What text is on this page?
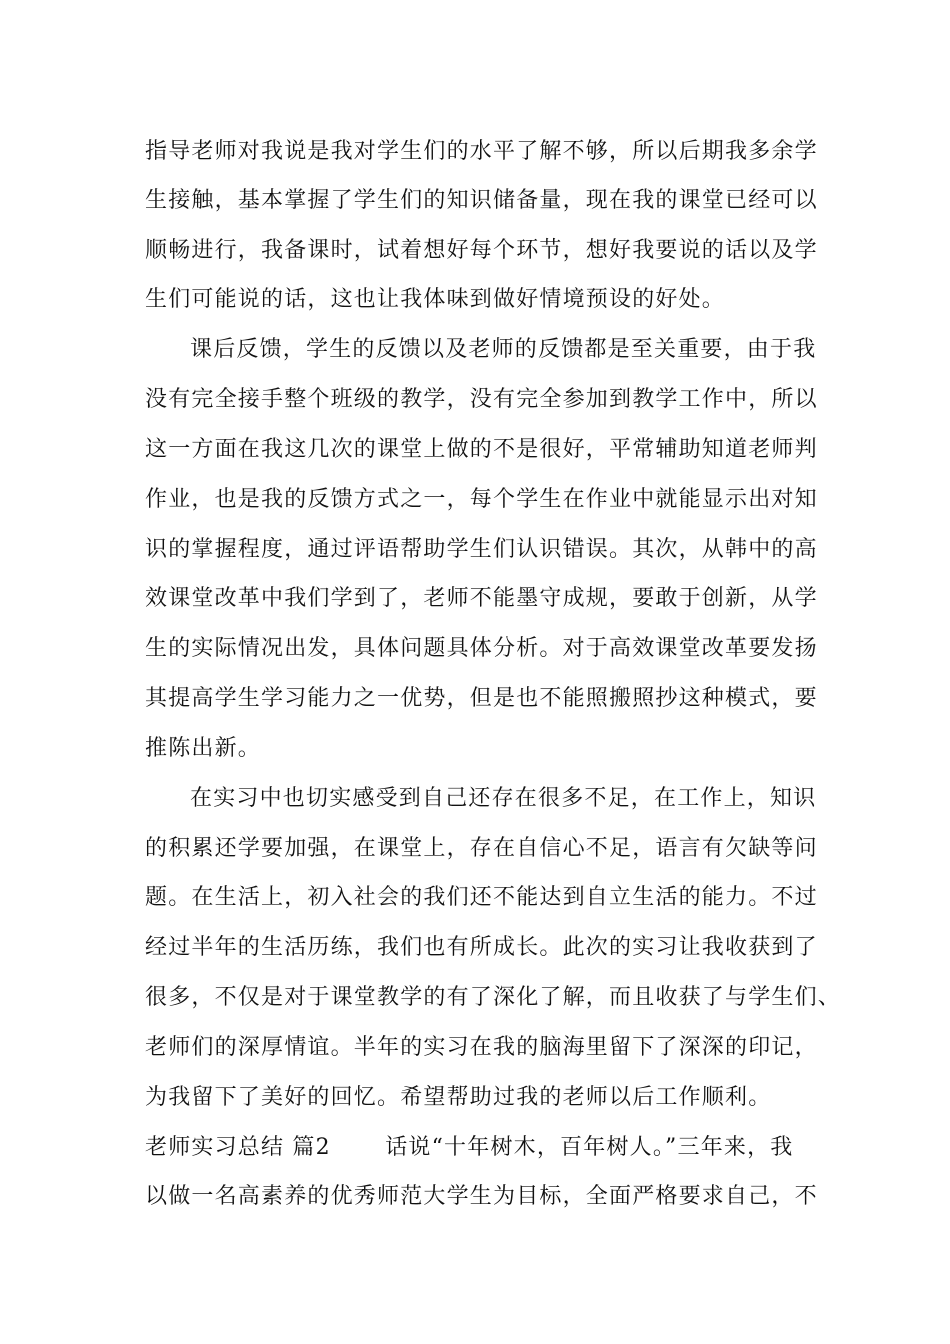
指导老师对我说是我对学生们的水平了解不够，所以后期我多余学
生接触，基本掌握了学生们的知识储备量，现在我的课堂已经可以
顺畅进行，我备课时，试着想好每个环节，想好我要说的话以及学
生们可能说的话，这也让我体味到做好情境预设的好处。
课后反馈，学生的反馈以及老师的反馈都是至关重要，由于我
没有完全接手整个班级的教学，没有完全参加到教学工作中，所以
这一方面在我这几次的课堂上做的不是很好，平常辅助知道老师判
作业，也是我的反馈方式之一，每个学生在作业中就能显示出对知
识的掌握程度，通过评语帮助学生们认识错误。其次，从韩中的高
效课堂改革中我们学到了，老师不能墨守成规，要敢于创新，从学
生的实际情况出发，具体问题具体分析。对于高效课堂改革要发扬
其提高学生学习能力之一优势，但是也不能照搬照抄这种模式，要
推陈出新。
在实习中也切实感受到自己还存在很多不足，在工作上，知识
的积累还学要加强，在课堂上，存在自信心不足，语言有欠缺等问
题。在生活上，初入社会的我们还不能达到自立生活的能力。不过
经过半年的生活历练，我们也有所成长。此次的实习让我收获到了
很多，不仅是对于课堂教学的有了深化了解，而且收获了与学生们、
老师们的深厚情谊。半年的实习在我的脑海里留下了深深的印记，
为我留下了美好的回忆。希望帮助过我的老师以后工作顺利。
老师实习总结 篇2 话说“十年树木，百年树人。”三年来，我
以做一名高素养的优秀师范大学生为目标，全面严格要求自己，不
